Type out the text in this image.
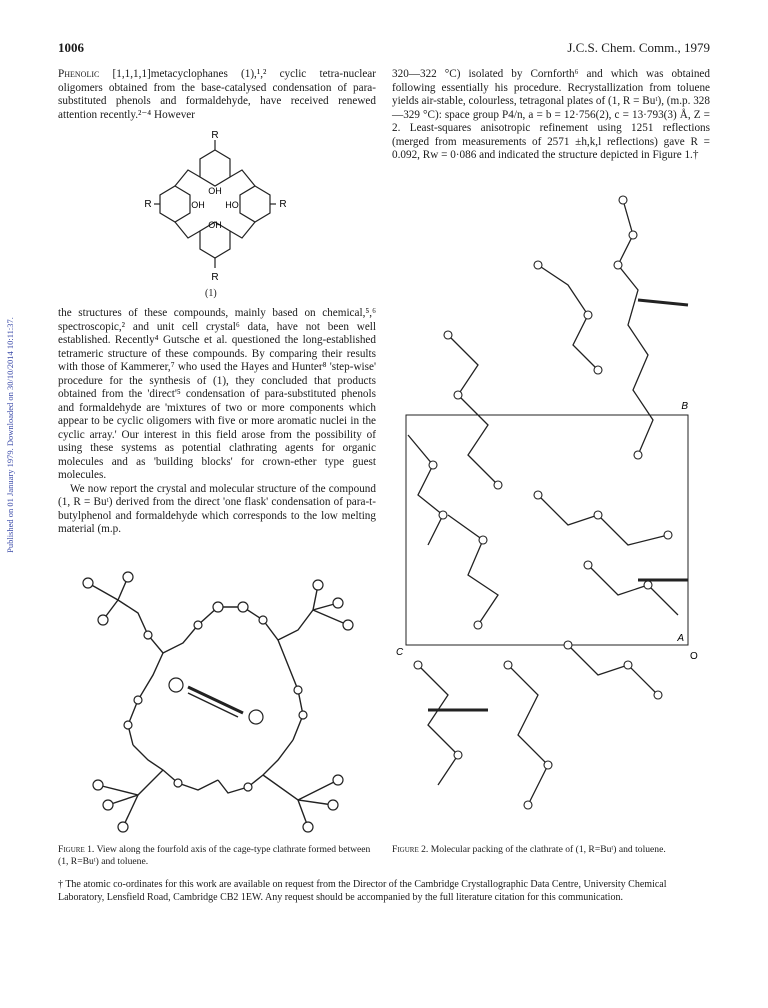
1006	J.C.S. Chem. Comm., 1979
Published on 01 January 1979. Downloaded on 30/10/2014 10:11:37.

Phenolic [1,1,1,1]metacyclophanes (1),¹,² cyclic tetra-nuclear oligomers obtained from the base-catalysed condensation of para-substituted phenols and formaldehyde, have received renewed attention recently.²⁻⁴ However

R
OH
R	OH HO	R
OH
R
(1)

the structures of these compounds, mainly based on chemical,⁵,⁶ spectroscopic,² and unit cell crystal⁶ data, have not been well established. Recently⁴ Gutsche et al. questioned the long-established tetrameric structure of these compounds. By comparing their results with those of Kammerer,⁷ who used the Hayes and Hunter⁸ 'step-wise' procedure for the synthesis of (1), they concluded that products obtained from the 'direct'⁵ condensation of para-substituted phenols and formaldehyde are 'mixtures of two or more components which appear to be cyclic oligomers with five or more aromatic nuclei in the cyclic array.' Our interest in this field arose from the possibility of using these systems as potential clathrating agents for organic molecules and as 'building blocks' for crown-ether type guest molecules.

We now report the crystal and molecular structure of the compound (1, R = Buᵗ) derived from the direct 'one flask' condensation of para-t-butylphenol and formaldehyde which corresponds to the low melting material (m.p.

320—322 °C) isolated by Cornforth⁶ and which was obtained following essentially his procedure. Recrystallization from toluene yields air-stable, colourless, tetragonal plates of (1, R = Buᵗ), (m.p. 328—329 °C): space group P4/n, a = b = 12·756(2), c = 13·793(3) Å, Z = 2. Least-squares anisotropic refinement using 1251 reflections (merged from measurements of 2571 ±h,k,l reflections) gave R = 0.092, Rw = 0·086 and indicated the structure depicted in Figure 1.†

B
A
C	O
Figure 1. View along the fourfold axis of the cage-type clathrate formed between (1, R=Buᵗ) and toluene.
Figure 2. Molecular packing of the clathrate of (1, R=Buᵗ) and toluene.
† The atomic co-ordinates for this work are available on request from the Director of the Cambridge Crystallographic Data Centre, University Chemical Laboratory, Lensfield Road, Cambridge CB2 1EW. Any request should be accompanied by the full literature citation for this communication.
